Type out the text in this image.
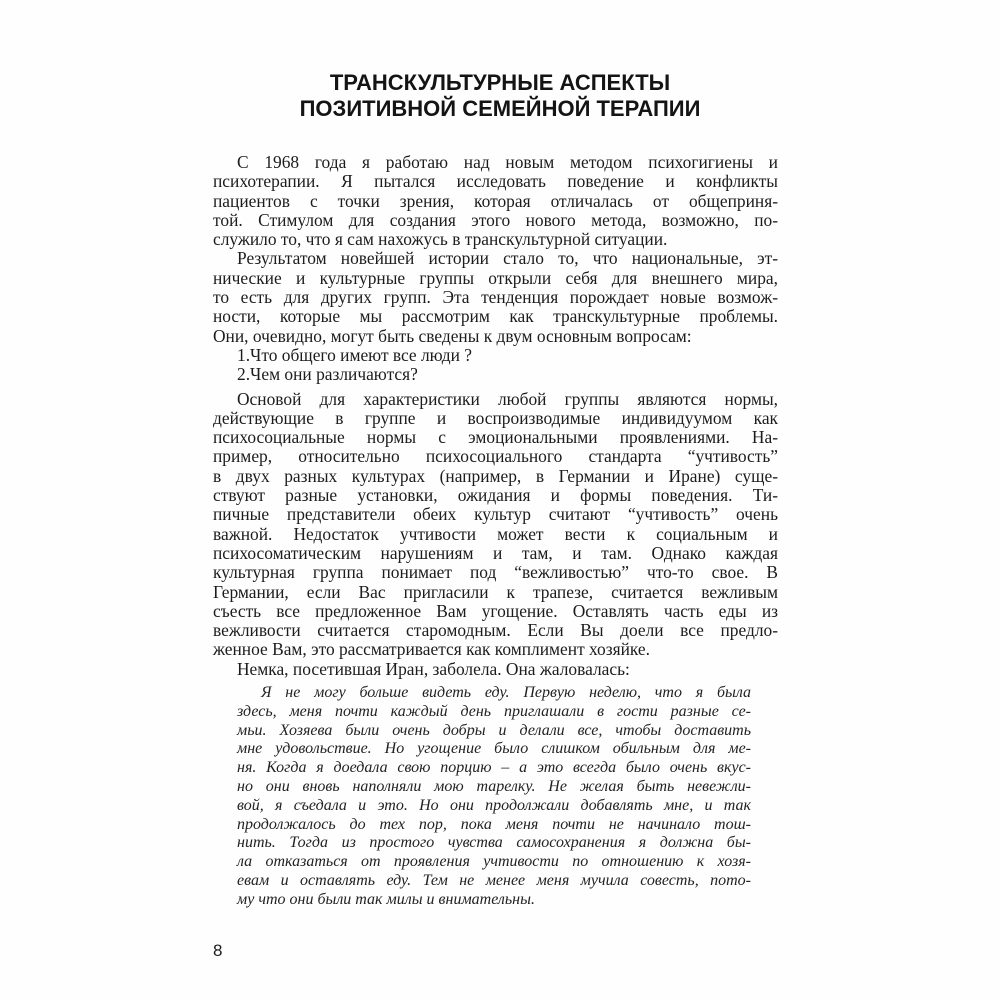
ТРАНСКУЛЬТУРНЫЕ АСПЕКТЫ
ПОЗИТИВНОЙ СЕМЕЙНОЙ ТЕРАПИИ
С 1968 года я работаю над новым методом психогигиены и
психотерапии. Я пытался исследовать поведение и конфликты
пациентов с точки зрения, которая отличалась от общеприня-
той. Стимулом для создания этого нового метода, возможно, по-
служило то, что я сам нахожусь в транскультурной ситуации.
Результатом новейшей истории стало то, что национальные, эт-
нические и культурные группы открыли себя для внешнего мира,
то есть для других групп. Эта тенденция порождает новые возмож-
ности, которые мы рассмотрим как транскультурные проблемы.
Они, очевидно, могут быть сведены к двум основным вопросам:
1.Что общего имеют все люди ?
2.Чем они различаются?
Основой для характеристики любой группы являются нормы,
действующие в группе и воспроизводимые индивидуумом как
психосоциальные нормы с эмоциональными проявлениями. На-
пример, относительно психосоциального стандарта “учтивость”
в двух разных культурах (например, в Германии и Иране) суще-
ствуют разные установки, ожидания и формы поведения. Ти-
пичные представители обеих культур считают “учтивость” очень
важной. Недостаток учтивости может вести к социальным и
психосоматическим нарушениям и там, и там. Однако каждая
культурная группа понимает под “вежливостью” что-то свое. В
Германии, если Вас пригласили к трапезе, считается вежливым
съесть все предложенное Вам угощение. Оставлять часть еды из
вежливости считается старомодным. Если Вы доели все предло-
женное Вам, это рассматривается как комплимент хозяйке.
Немка, посетившая Иран, заболела. Она жаловалась:
Я не могу больше видеть еду. Первую неделю, что я была
здесь, меня почти каждый день приглашали в гости разные се-
мьи. Хозяева были очень добры и делали все, чтобы доставить
мне удовольствие. Но угощение было слишком обильным для ме-
ня. Когда я доедала свою порцию – а это всегда было очень вкус-
но они вновь наполняли мою тарелку. Не желая быть невежли-
вой, я съедала и это. Но они продолжали добавлять мне, и так
продолжалось до тех пор, пока меня почти не начинало тош-
нить. Тогда из простого чувства самосохранения я должна бы-
ла отказаться от проявления учтивости по отношению к хозя-
евам и оставлять еду. Тем не менее меня мучила совесть, пото-
му что они были так милы и внимательны.
8
